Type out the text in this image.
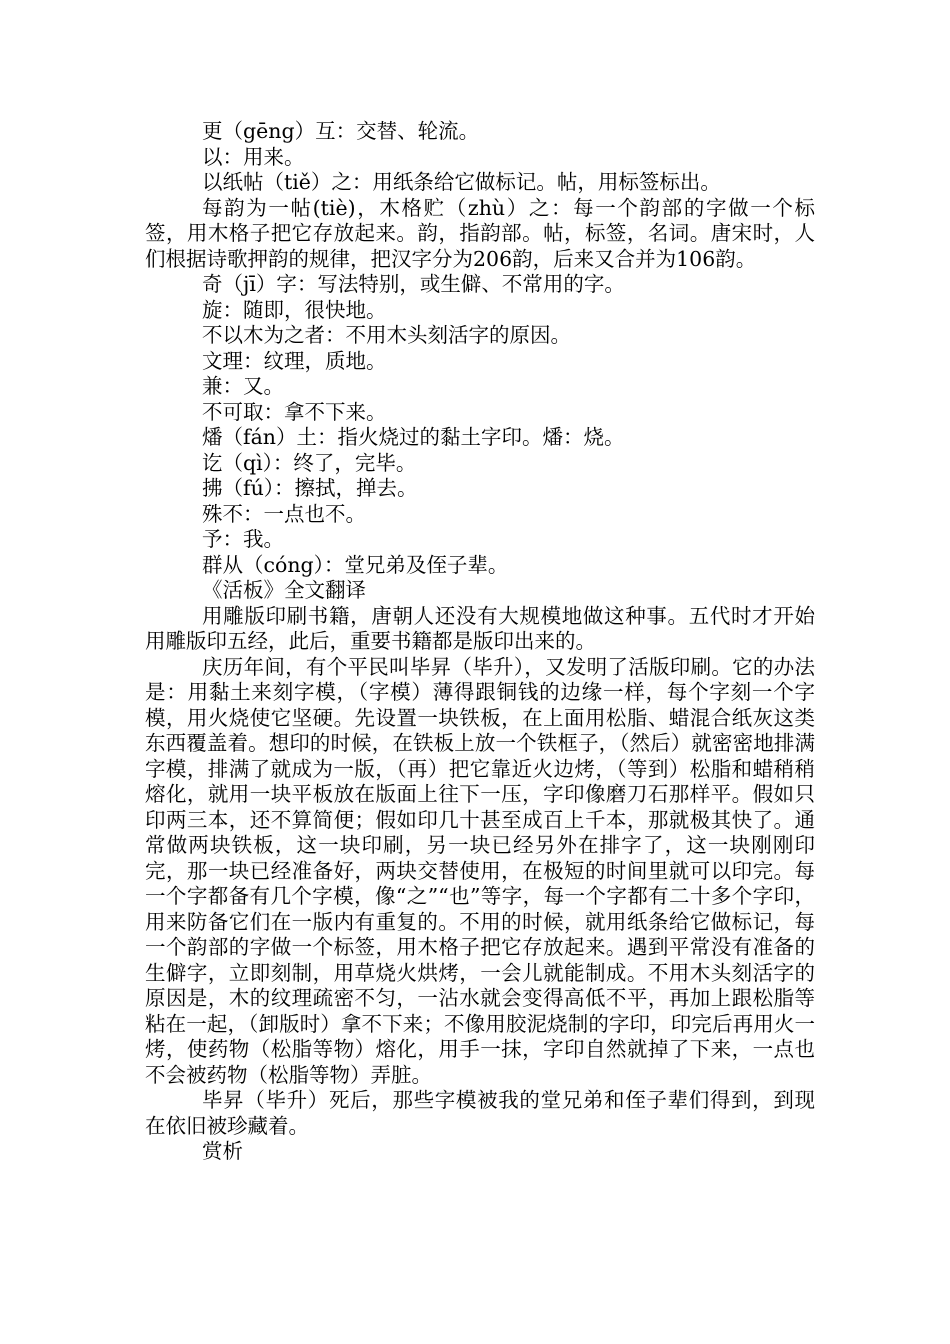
更（gēng）互：交替、轮流。

以：用来。

以纸帖（tiě）之：用纸条给它做标记。帖，用标签标出。

每韵为一帖(tiè)，木格贮（zhù）之：每一个韵部的字做一个标签，用木格子把它存放起来。韵，指韵部。帖，标签，名词。唐宋时，人们根据诗歌押韵的规律，把汉字分为206韵，后来又合并为106韵。

奇（jī）字：写法特别，或生僻、不常用的字。

旋：随即，很快地。

不以木为之者：不用木头刻活字的原因。

文理：纹理，质地。

兼：又。

不可取：拿不下来。

燔（fán）土：指火烧过的黏土字印。燔：烧。

讫（qì）：终了，完毕。

拂（fú）：擦拭，掸去。

殊不：一点也不。

予：我。

群从（cóng）：堂兄弟及侄子辈。

《活板》全文翻译

用雕版印刷书籍，唐朝人还没有大规模地做这种事。五代时才开始用雕版印五经，此后，重要书籍都是版印出来的。

庆历年间，有个平民叫毕昇（毕升），又发明了活版印刷。它的办法是：用黏土来刻字模，（字模）薄得跟铜钱的边缘一样，每个字刻一个字模，用火烧使它坚硬。先设置一块铁板，在上面用松脂、蜡混合纸灰这类东西覆盖着。想印的时候，在铁板上放一个铁框子，（然后）就密密地排满字模，排满了就成为一版，（再）把它靠近火边烤，（等到）松脂和蜡稍稍熔化，就用一块平板放在版面上往下一压，字印像磨刀石那样平。假如只印两三本，还不算简便；假如印几十甚至成百上千本，那就极其快了。通常做两块铁板，这一块印刷，另一块已经另外在排字了，这一块刚刚印完，那一块已经准备好，两块交替使用，在极短的时间里就可以印完。每一个字都备有几个字模，像“之”“也”等字，每一个字都有二十多个字印，用来防备它们在一版内有重复的。不用的时候，就用纸条给它做标记，每一个韵部的字做一个标签，用木格子把它存放起来。遇到平常没有准备的生僻字，立即刻制，用草烧火烘烤，一会儿就能制成。不用木头刻活字的原因是，木的纹理疏密不匀，一沾水就会变得高低不平，再加上跟松脂等粘在一起，（卸版时）拿不下来；不像用胶泥烧制的字印，印完后再用火一烤，使药物（松脂等物）熔化，用手一抹，字印自然就掉了下来，一点也不会被药物（松脂等物）弄脏。

毕昇（毕升）死后，那些字模被我的堂兄弟和侄子辈们得到，到现在依旧被珍藏着。

赏析
